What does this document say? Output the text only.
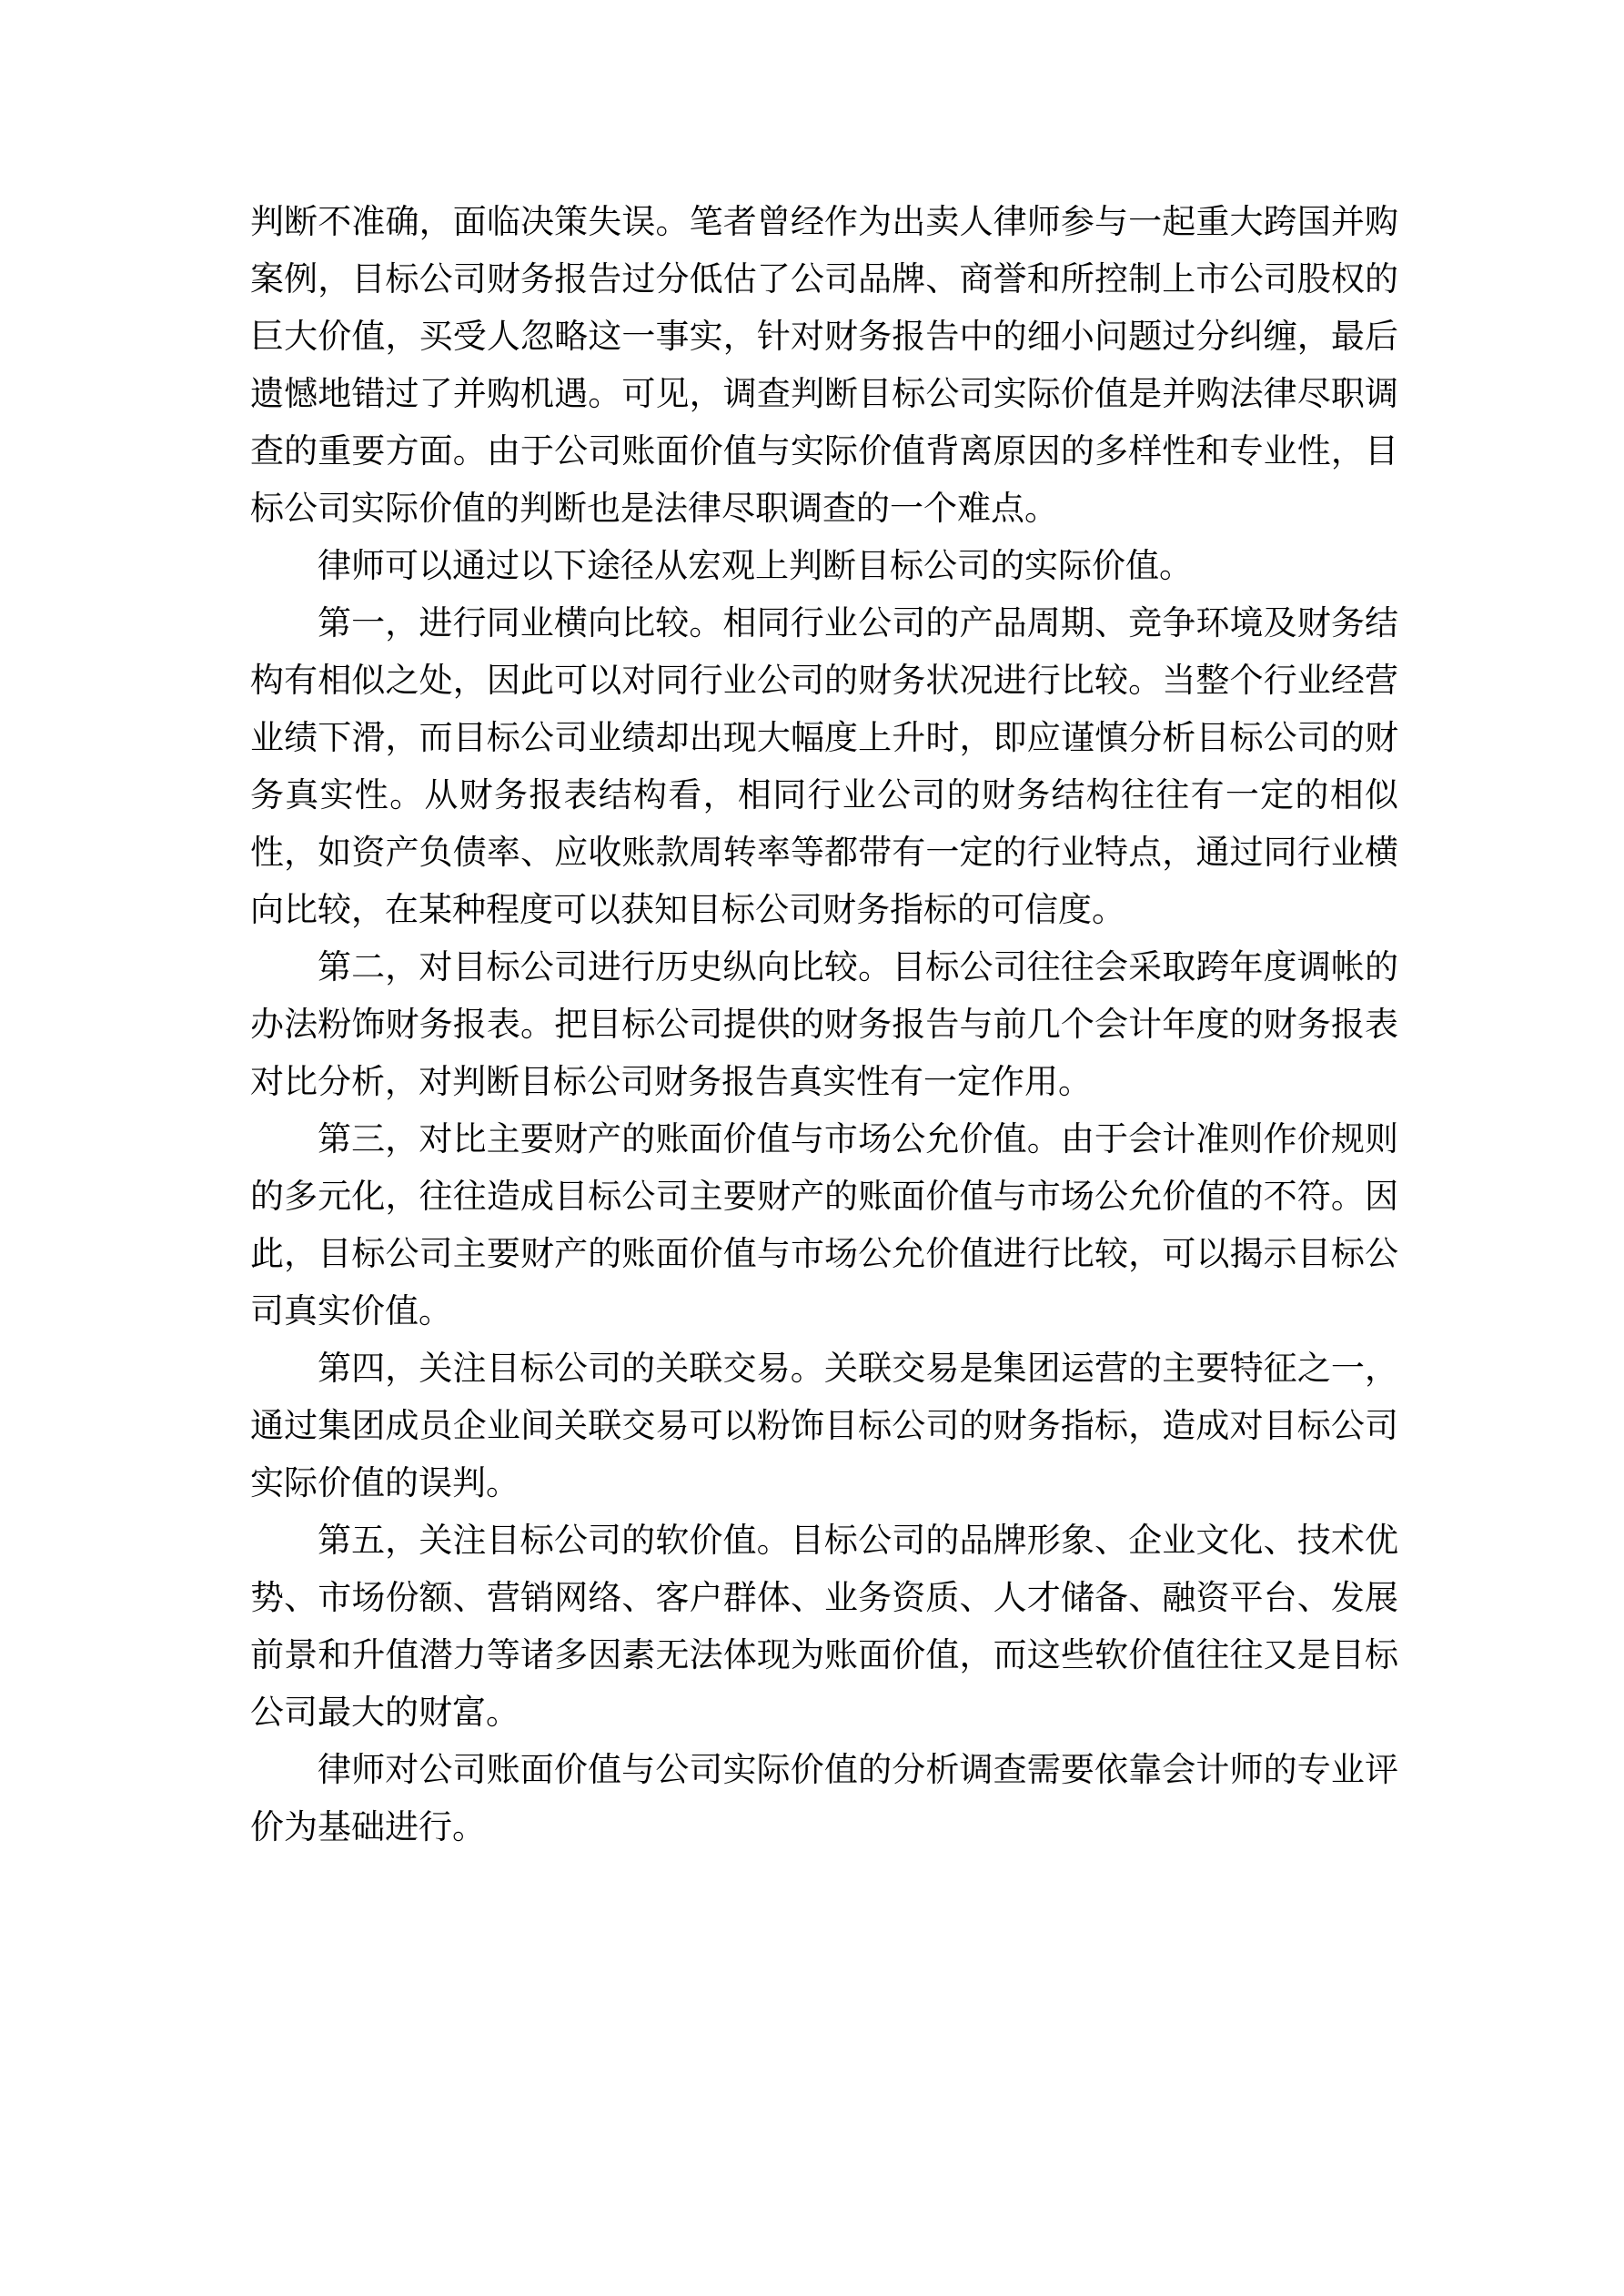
判断不准确，面临决策失误。笔者曾经作为出卖人律师参与一起重大跨国并购案例，目标公司财务报告过分低估了公司品牌、商誉和所控制上市公司股权的巨大价值，买受人忽略这一事实，针对财务报告中的细小问题过分纠缠，最后遗憾地错过了并购机遇。可见，调查判断目标公司实际价值是并购法律尽职调查的重要方面。由于公司账面价值与实际价值背离原因的多样性和专业性，目标公司实际价值的判断也是法律尽职调查的一个难点。

律师可以通过以下途径从宏观上判断目标公司的实际价值。

第一，进行同业横向比较。相同行业公司的产品周期、竞争环境及财务结构有相似之处，因此可以对同行业公司的财务状况进行比较。当整个行业经营业绩下滑，而目标公司业绩却出现大幅度上升时，即应谨慎分析目标公司的财务真实性。从财务报表结构看，相同行业公司的财务结构往往有一定的相似性，如资产负债率、应收账款周转率等都带有一定的行业特点，通过同行业横向比较，在某种程度可以获知目标公司财务指标的可信度。

第二，对目标公司进行历史纵向比较。目标公司往往会采取跨年度调帐的办法粉饰财务报表。把目标公司提供的财务报告与前几个会计年度的财务报表对比分析，对判断目标公司财务报告真实性有一定作用。

第三，对比主要财产的账面价值与市场公允价值。由于会计准则作价规则的多元化，往往造成目标公司主要财产的账面价值与市场公允价值的不符。因此，目标公司主要财产的账面价值与市场公允价值进行比较，可以揭示目标公司真实价值。

第四，关注目标公司的关联交易。关联交易是集团运营的主要特征之一，通过集团成员企业间关联交易可以粉饰目标公司的财务指标，造成对目标公司实际价值的误判。

第五，关注目标公司的软价值。目标公司的品牌形象、企业文化、技术优势、市场份额、营销网络、客户群体、业务资质、人才储备、融资平台、发展前景和升值潜力等诸多因素无法体现为账面价值，而这些软价值往往又是目标公司最大的财富。

律师对公司账面价值与公司实际价值的分析调查需要依靠会计师的专业评价为基础进行。
